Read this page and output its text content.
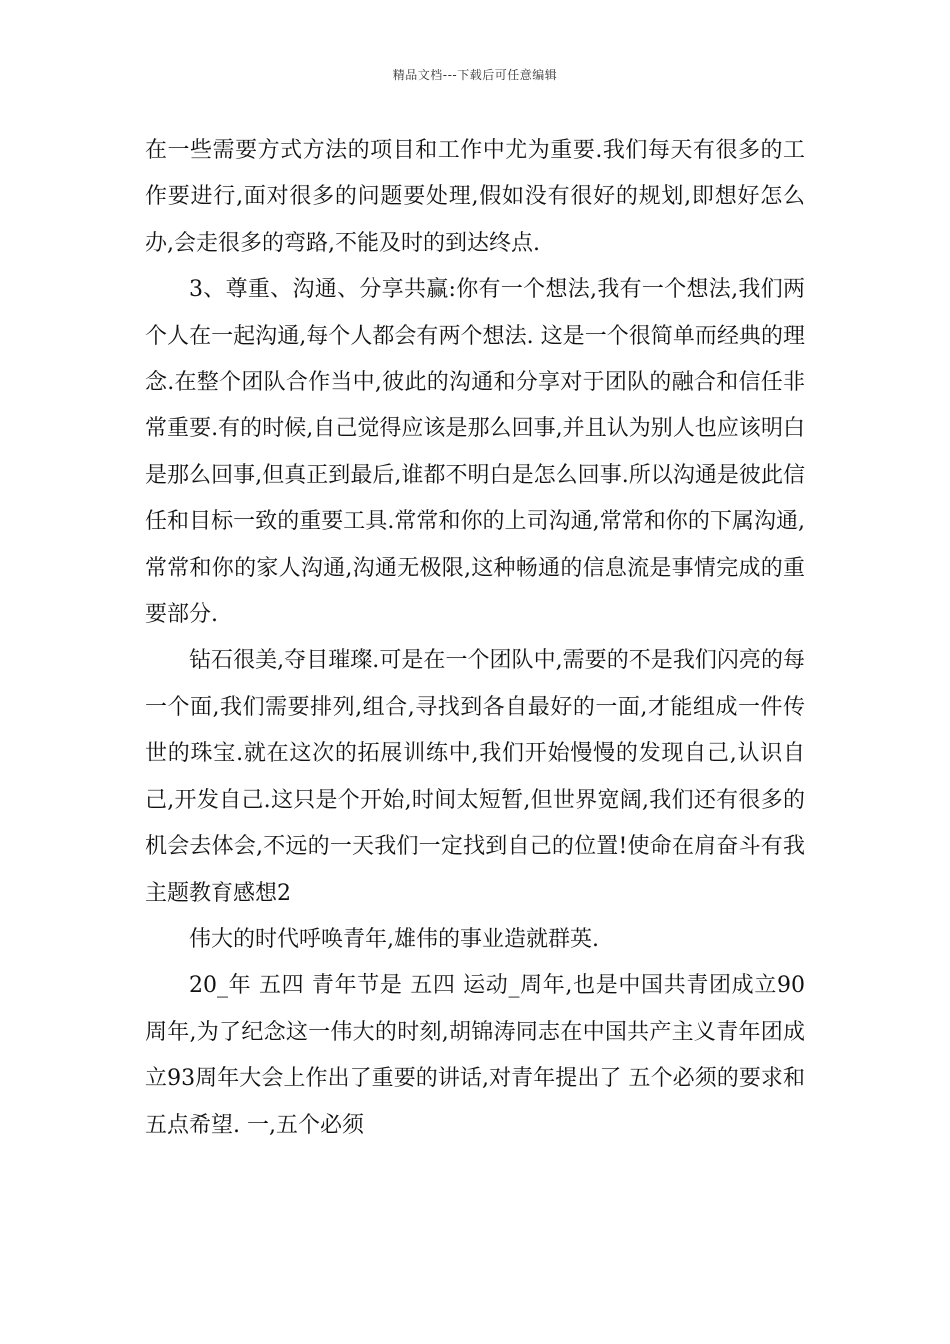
精品文档---下载后可任意编辑

在一些需要方式方法的项目和工作中尤为重要.我们每天有很多的工作要进行,面对很多的问题要处理,假如没有很好的规划,即想好怎么办,会走很多的弯路,不能及时的到达终点.

3、尊重、沟通、分享共赢:你有一个想法,我有一个想法,我们两个人在一起沟通,每个人都会有两个想法. 这是一个很简单而经典的理念.在整个团队合作当中,彼此的沟通和分享对于团队的融合和信任非常重要.有的时候,自己觉得应该是那么回事,并且认为别人也应该明白是那么回事,但真正到最后,谁都不明白是怎么回事.所以沟通是彼此信任和目标一致的重要工具.常常和你的上司沟通,常常和你的下属沟通,常常和你的家人沟通,沟通无极限,这种畅通的信息流是事情完成的重要部分.

钻石很美,夺目璀璨.可是在一个团队中,需要的不是我们闪亮的每一个面,我们需要排列,组合,寻找到各自最好的一面,才能组成一件传世的珠宝.就在这次的拓展训练中,我们开始慢慢的发现自己,认识自己,开发自己.这只是个开始,时间太短暂,但世界宽阔,我们还有很多的机会去体会,不远的一天我们一定找到自己的位置!使命在肩奋斗有我主题教育感想2

伟大的时代呼唤青年,雄伟的事业造就群英.

20_年 五四 青年节是 五四 运动_周年,也是中国共青团成立90周年,为了纪念这一伟大的时刻,胡锦涛同志在中国共产主义青年团成立93周年大会上作出了重要的讲话,对青年提出了 五个必须的要求和五点希望. 一,五个必须
